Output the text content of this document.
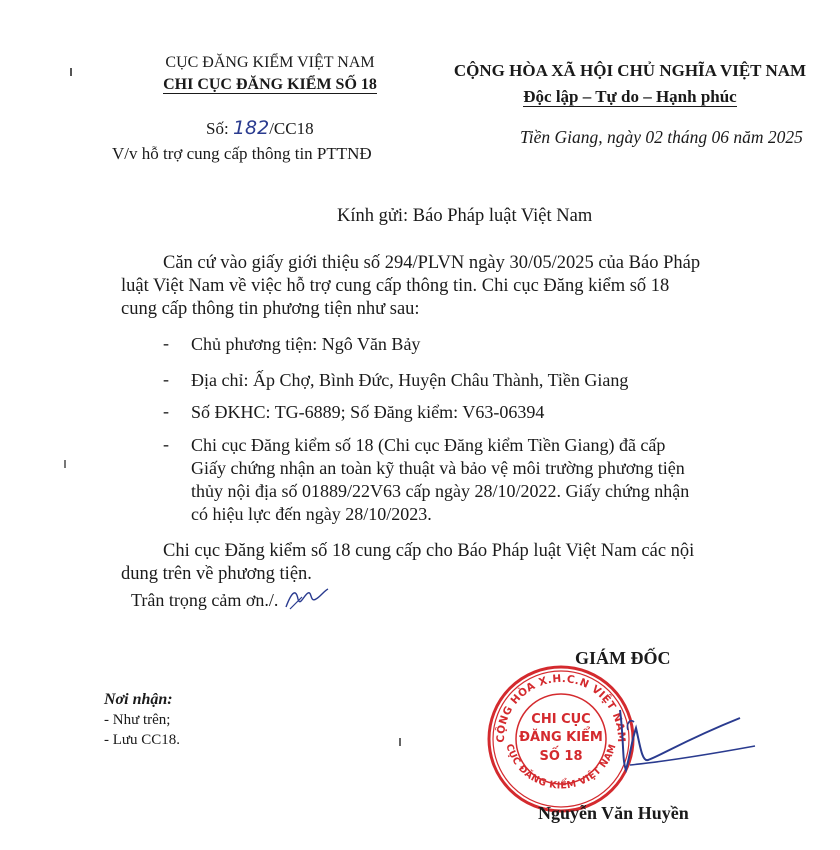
CỤC ĐĂNG KIỂM VIỆT NAM
CHI CỤC ĐĂNG KIỂM SỐ 18
Số: 182/CC18
V/v hỗ trợ cung cấp thông tin PTTNĐ
CỘNG HÒA XÃ HỘI CHỦ NGHĨA VIỆT NAM
Độc lập – Tự do – Hạnh phúc
Tiền Giang, ngày 02 tháng 06 năm 2025
Kính gửi: Báo Pháp luật Việt Nam
Căn cứ vào giấy giới thiệu số 294/PLVN ngày 30/05/2025 của Báo Pháp
luật Việt Nam về việc hỗ trợ cung cấp thông tin. Chi cục Đăng kiểm số 18
cung cấp thông tin phương tiện như sau:
- Chủ phương tiện: Ngô Văn Bảy
- Địa chỉ: Ấp Chợ, Bình Đức, Huyện Châu Thành, Tiền Giang
- Số ĐKHC: TG-6889; Số Đăng kiểm: V63-06394
- Chi cục Đăng kiểm số 18 (Chi cục Đăng kiểm Tiền Giang) đã cấp
Giấy chứng nhận an toàn kỹ thuật và bảo vệ môi trường phương tiện
thủy nội địa số 01889/22V63 cấp ngày 28/10/2022. Giấy chứng nhận
có hiệu lực đến ngày 28/10/2023.
Chi cục Đăng kiểm số 18 cung cấp cho Báo Pháp luật Việt Nam các nội
dung trên về phương tiện.
Trân trọng cảm ơn./.
GIÁM ĐỐC
CỘNG HÒA X.H.C.N VIỆT NAM
CỤC ĐĂNG KIỂM VIỆT NAM
CHI CỤC
ĐĂNG KIỂM
SỐ 18
Nguyễn Văn Huyền
Nơi nhận:
- Như trên;
- Lưu CC18.
